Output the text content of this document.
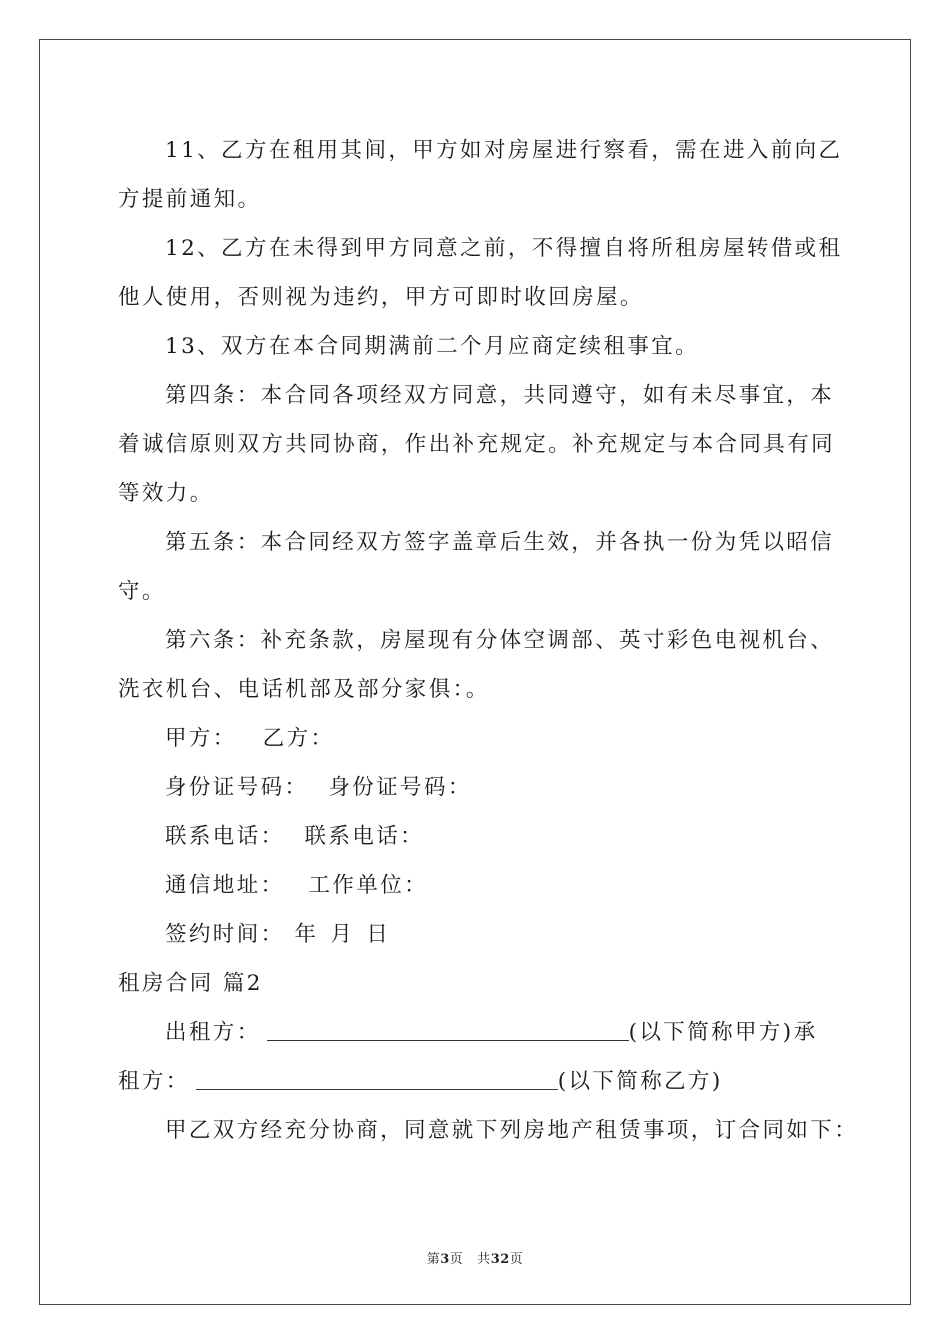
11、乙方在租用其间，甲方如对房屋进行察看，需在进入前向乙
方提前通知。
12、乙方在未得到甲方同意之前，不得擅自将所租房屋转借或租
他人使用，否则视为违约，甲方可即时收回房屋。
13、双方在本合同期满前二个月应商定续租事宜。
第四条：本合同各项经双方同意，共同遵守，如有未尽事宜，本
着诚信原则双方共同协商，作出补充规定。补充规定与本合同具有同
等效力。
第五条：本合同经双方签字盖章后生效，并各执一份为凭以昭信
守。
第六条：补充条款，房屋现有分体空调部、英寸彩色电视机台、
洗衣机台、电话机部及部分家俱：。
甲方： 乙方：
身份证号码： 身份证号码：
联系电话： 联系电话：
通信地址： 工作单位：
签约时间： 年 月 日
租房合同 篇2
出租方：	(以下简称甲方)承
租方：	(以下简称乙方)
甲乙双方经充分协商，同意就下列房地产租赁事项，订合同如下：
第3页 共32页
